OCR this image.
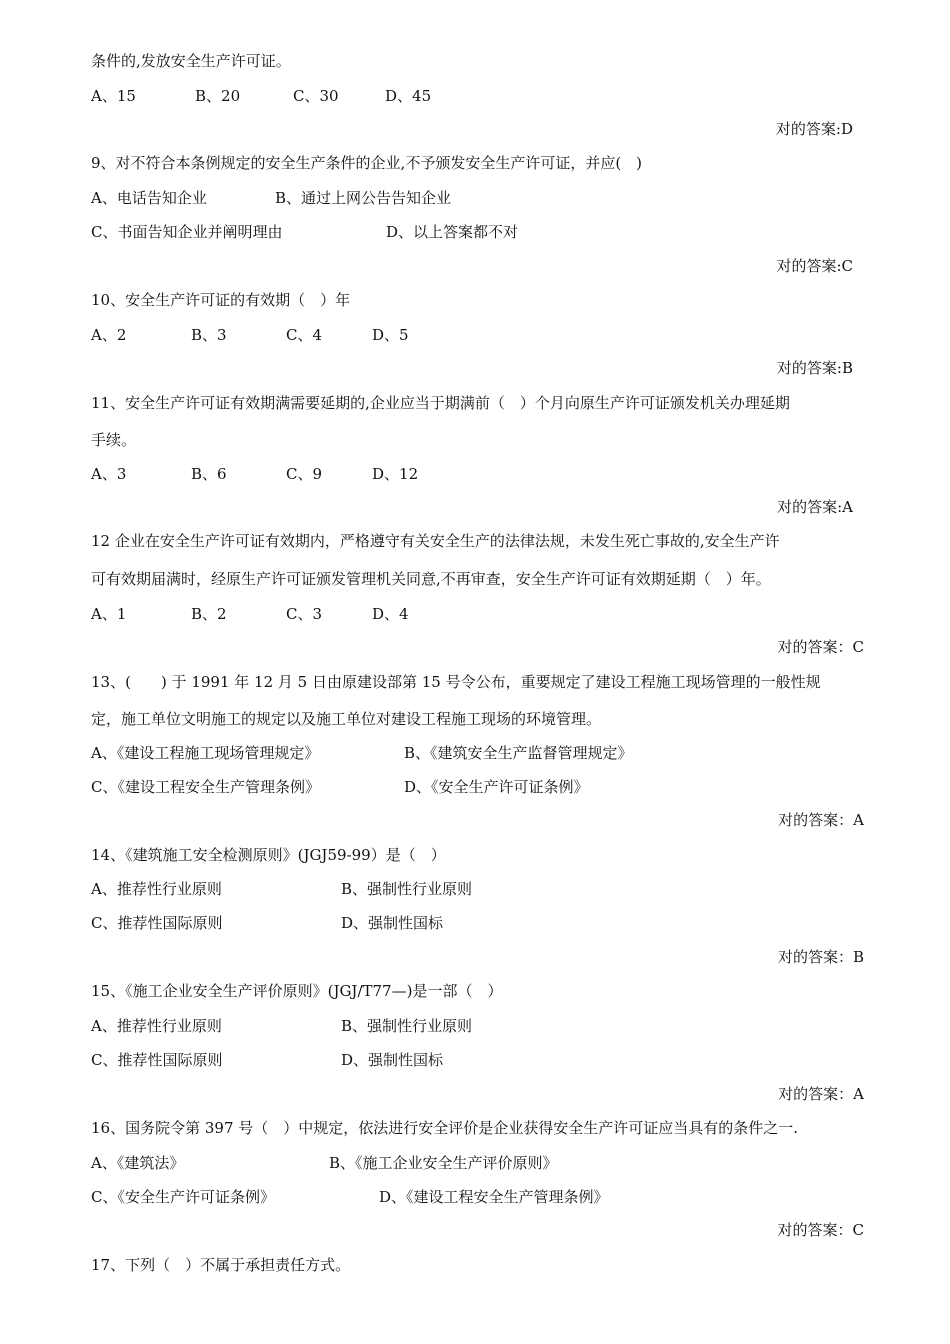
条件的,发放安全生产许可证。
A、15	B、20	C、30	D、45
对的答案:D
9、对不符合本条例规定的安全生产条件的企业,不予颁发安全生产许可证，并应(　)
A、电话告知企业	B、通过上网公告告知企业
C、书面告知企业并阐明理由	D、以上答案都不对
对的答案:C
10、安全生产许可证的有效期（　）年
A、2	B、3	C、4	D、5
对的答案:B
11、安全生产许可证有效期满需要延期的,企业应当于期满前（　）个月向原生产许可证颁发机关办理延期
手续。
A、3	B、6	C、9	D、12
对的答案:A
12 企业在安全生产许可证有效期内，严格遵守有关安全生产的法律法规，未发生死亡事故的,安全生产许
可有效期届满时，经原生产许可证颁发管理机关同意,不再审查，安全生产许可证有效期延期（　）年。
A、1	B、2	C、3	D、4
对的答案：C
13、(　　) 于 1991 年 12 月 5 日由原建设部第 15 号令公布，重要规定了建设工程施工现场管理的一般性规
定，施工单位文明施工的规定以及施工单位对建设工程施工现场的环境管理。
A、《建设工程施工现场管理规定》	B、《建筑安全生产监督管理规定》
C、《建设工程安全生产管理条例》	D、《安全生产许可证条例》
对的答案：A
14、《建筑施工安全检测原则》(JGJ59-99）是（　）
A、推荐性行业原则	B、强制性行业原则
C、推荐性国际原则	D、强制性国标
对的答案：B
15、《施工企业安全生产评价原则》(JGJ/T77—)是一部（　）
A、推荐性行业原则	B、强制性行业原则
C、推荐性国际原则	D、强制性国标
对的答案：A
16、国务院令第 397 号（　）中规定，依法进行安全评价是企业获得安全生产许可证应当具有的条件之一.
A、《建筑法》	B、《施工企业安全生产评价原则》
C、《安全生产许可证条例》	D、《建设工程安全生产管理条例》
对的答案：C
17、下列（　）不属于承担责任方式。
